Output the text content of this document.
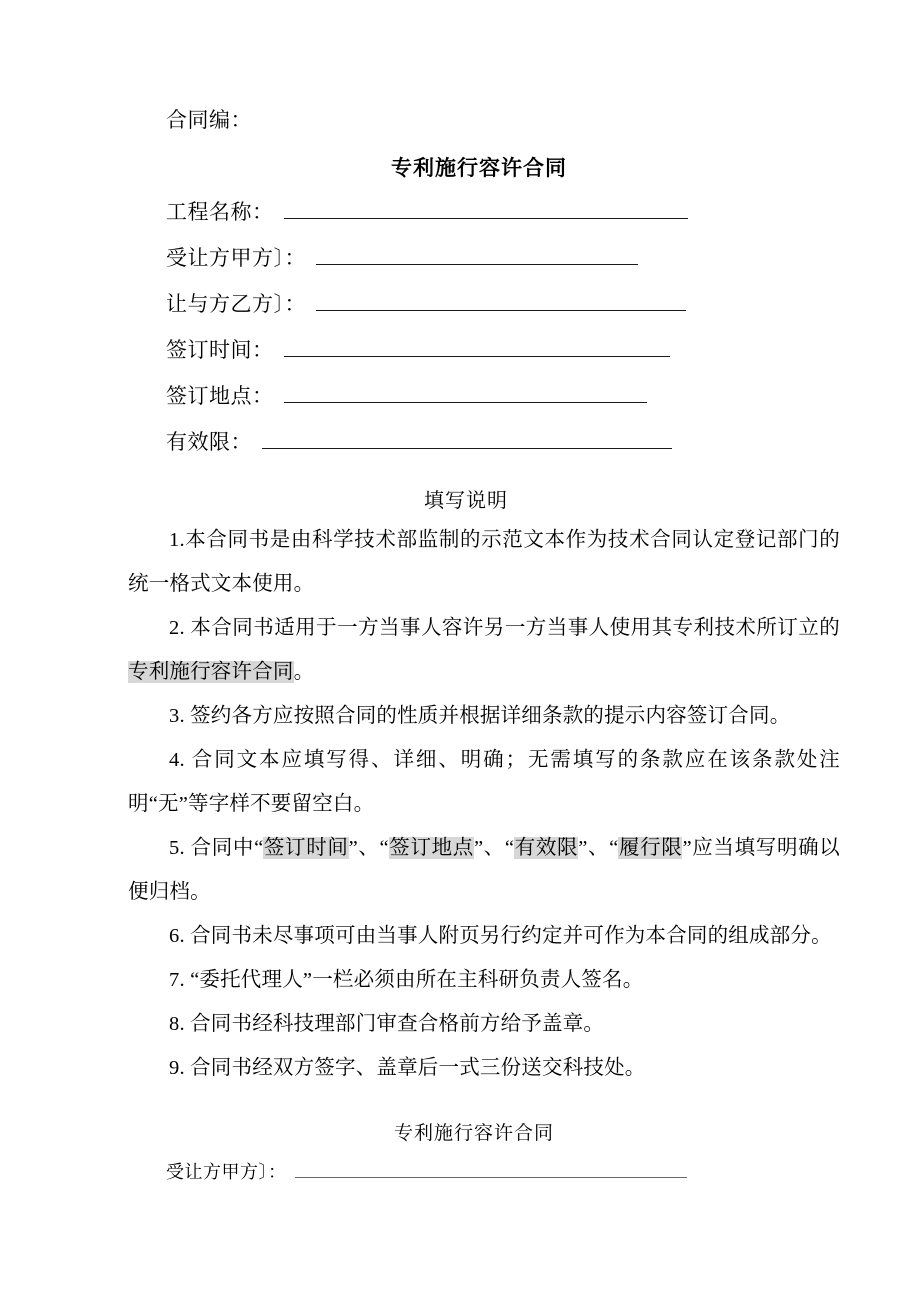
合同编：
专利施行容许合同
工程名称：
受让方甲方〕：
让与方乙方〕：
签订时间：
签订地点：
有效限：
填写说明

1.本合同书是由科学技术部监制的示范文本作为技术合同认定登记部门的统一格式文本使用。

2. 本合同书适用于一方当事人容许另一方当事人使用其专利技术所订立的专利施行容许合同。

3. 签约各方应按照合同的性质并根据详细条款的提示内容签订合同。

4. 合同文本应填写得、详细、明确；无需填写的条款应在该条款处注明“无”等字样不要留空白。

5. 合同中“签订时间”、“签订地点”、“有效限”、“履行限”应当填写明确以便归档。

6. 合同书未尽事项可由当事人附页另行约定并可作为本合同的组成部分。

7. “委托代理人”一栏必须由所在主科研负责人签名。

8. 合同书经科技理部门审查合格前方给予盖章。

9. 合同书经双方签字、盖章后一式三份送交科技处。

专利施行容许合同
受让方甲方〕：
